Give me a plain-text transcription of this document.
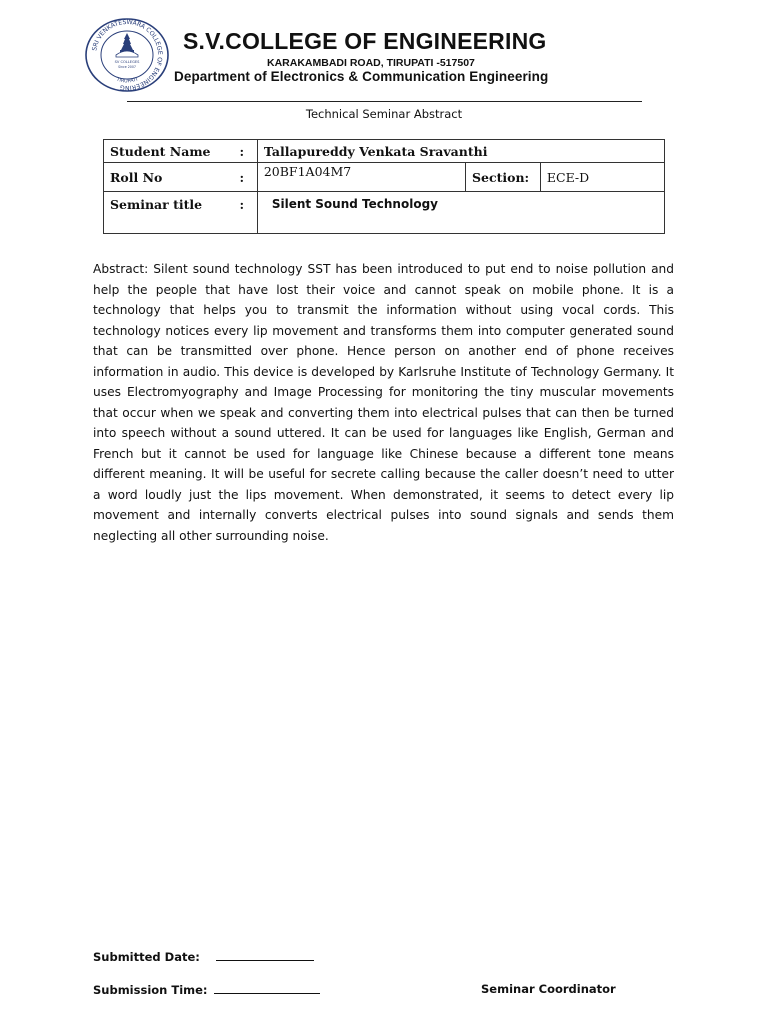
SRI VENKATESWARA COLLEGE OF ENGINEERING
TIRUPATI
SV COLLEGES
Since 2007
S.V.COLLEGE OF ENGINEERING
KARAKAMBADI ROAD, TIRUPATI -517507
Department of Electronics & Communication Engineering
Technical Seminar Abstract
Student Name :	Tallapureddy Venkata Sravanthi		
Roll No :	20BF1A04M7	Section:	ECE-D
Seminar title :	Silent Sound Technology		
Abstract: Silent sound technology SST has been introduced to put end to noise pollution and help the people that have lost their voice and cannot speak on mobile phone. It is a technology that helps you to transmit the information without using vocal cords. This technology notices every lip movement and transforms them into computer generated sound that can be transmitted over phone. Hence person on another end of phone receives information in audio. This device is developed by Karlsruhe Institute of Technology Germany. It uses Electromyography and Image Processing for monitoring the tiny muscular movements that occur when we speak and converting them into electrical pulses that can then be turned into speech without a sound uttered. It can be used for languages like English, German and French but it cannot be used for language like Chinese because a different tone means different meaning. It will be useful for secrete calling because the caller doesn’t need to utter a word loudly just the lips movement. When demonstrated, it seems to detect every lip movement and internally converts electrical pulses into sound signals and sends them neglecting all other surrounding noise.
Submitted Date:
Submission Time:	Seminar Coordinator
